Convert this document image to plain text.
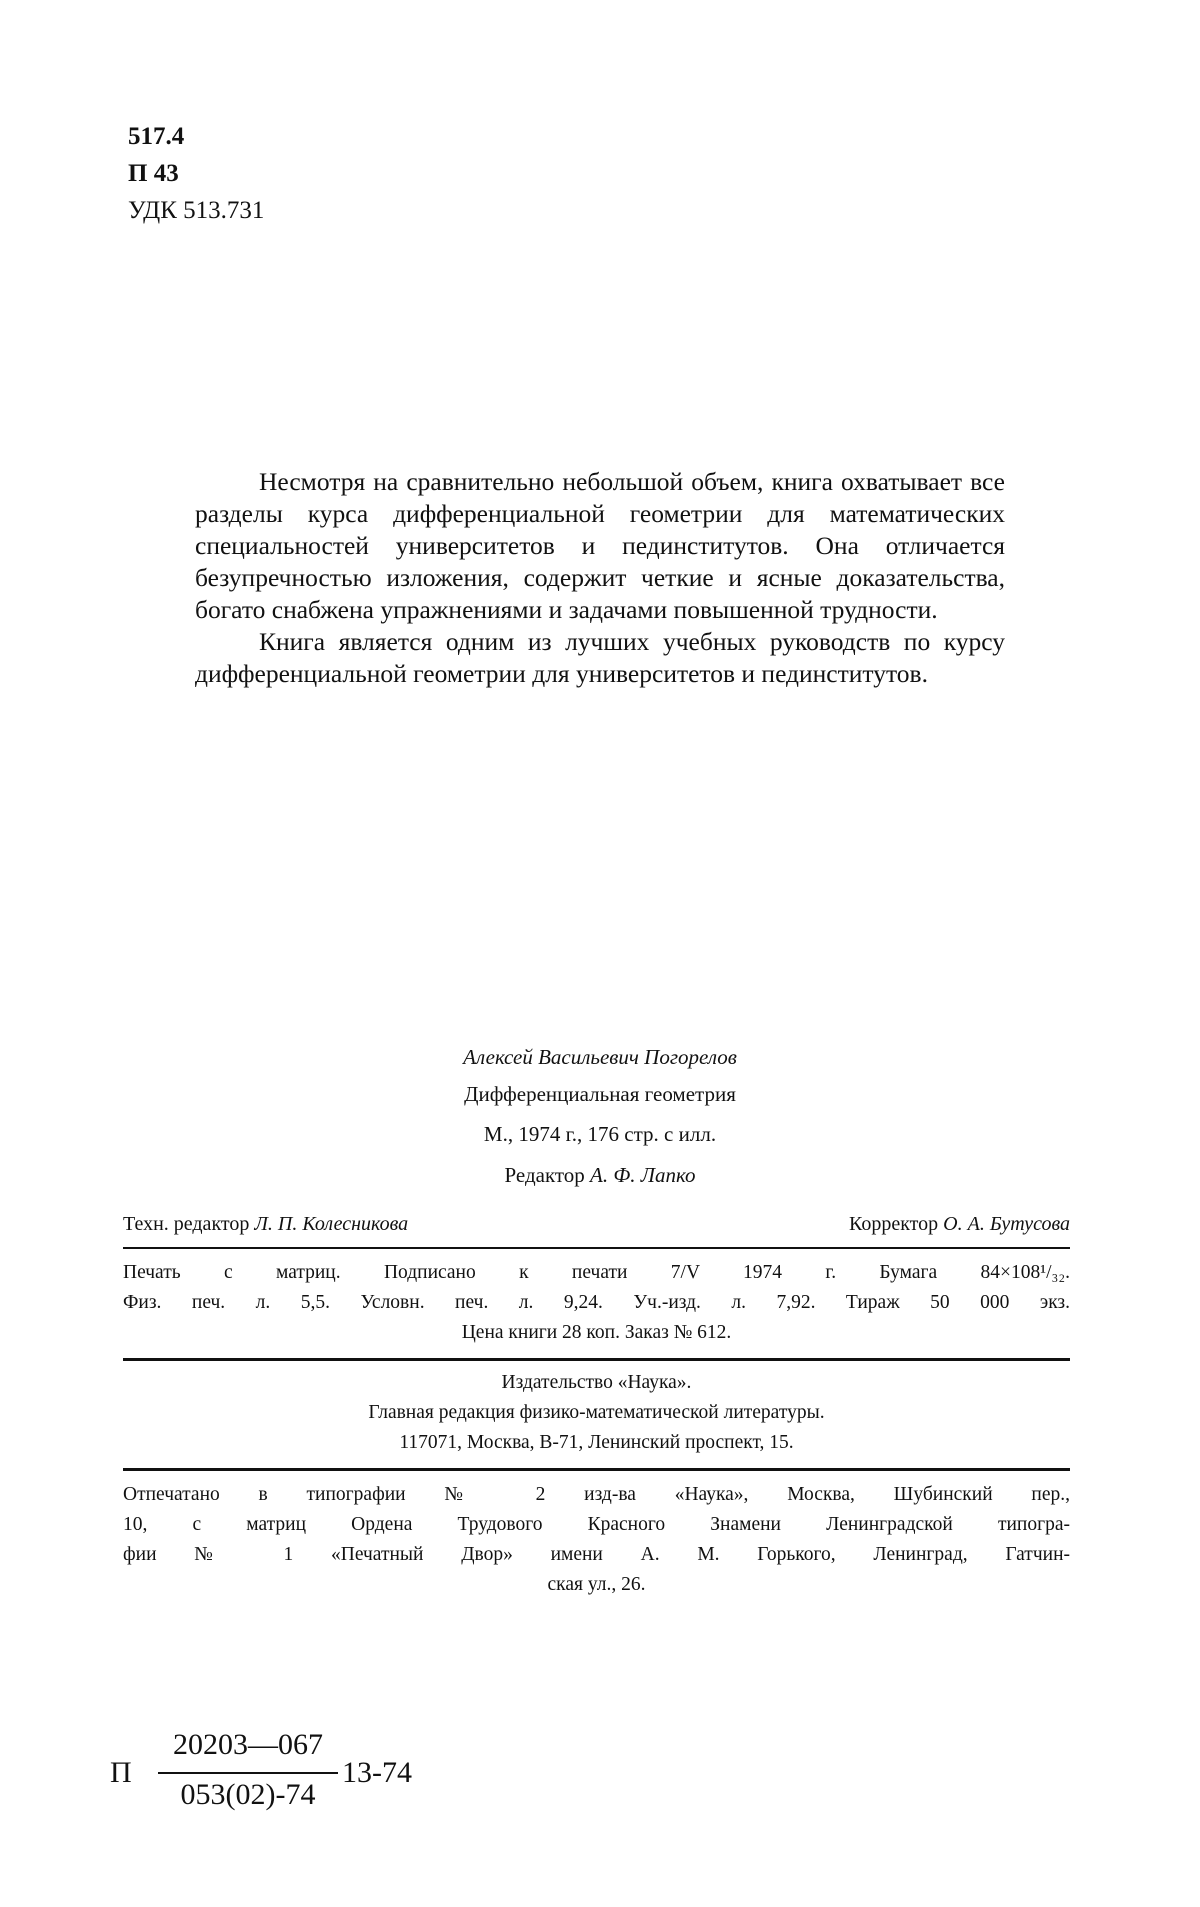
517.4
П 43
УДК 513.731

Несмотря на сравнительно небольшой объем, книга охватывает все разделы курса дифференциальной геометрии для математических специальностей университетов и пединститутов. Она отличается безупречностью изложения, содержит четкие и ясные доказательства, богато снабжена упражнениями и задачами повышенной трудности.

Книга является одним из лучших учебных руководств по курсу дифференциальной геометрии для университетов и пединститутов.

Алексей Васильевич Погорелов
Дифференциальная геометрия
М., 1974 г., 176 стр. с илл.
Редактор А. Ф. Лапко
Техн. редактор Л. П. Колесникова	Корректор О. А. Бутусова
Печать с матриц. Подписано к печати 7/V 1974 г. Бумага 84×108¹/₃₂.
Физ. печ. л. 5,5. Условн. печ. л. 9,24. Уч.-изд. л. 7,92. Тираж 50 000 экз.
Цена книги 28 коп. Заказ № 612.
Издательство «Наука».
Главная редакция физико-математической литературы.
117071, Москва, В-71, Ленинский проспект, 15.
Отпечатано в типографии № 2 изд-ва «Наука», Москва, Шубинский пер.,
10, с матриц Ордена Трудового Красного Знамени Ленинградской типогра-
фии № 1 «Печатный Двор» имени А. М. Горького, Ленинград, Гатчин-
ская ул., 26.
П
20203—067
053(02)-74
13-74
